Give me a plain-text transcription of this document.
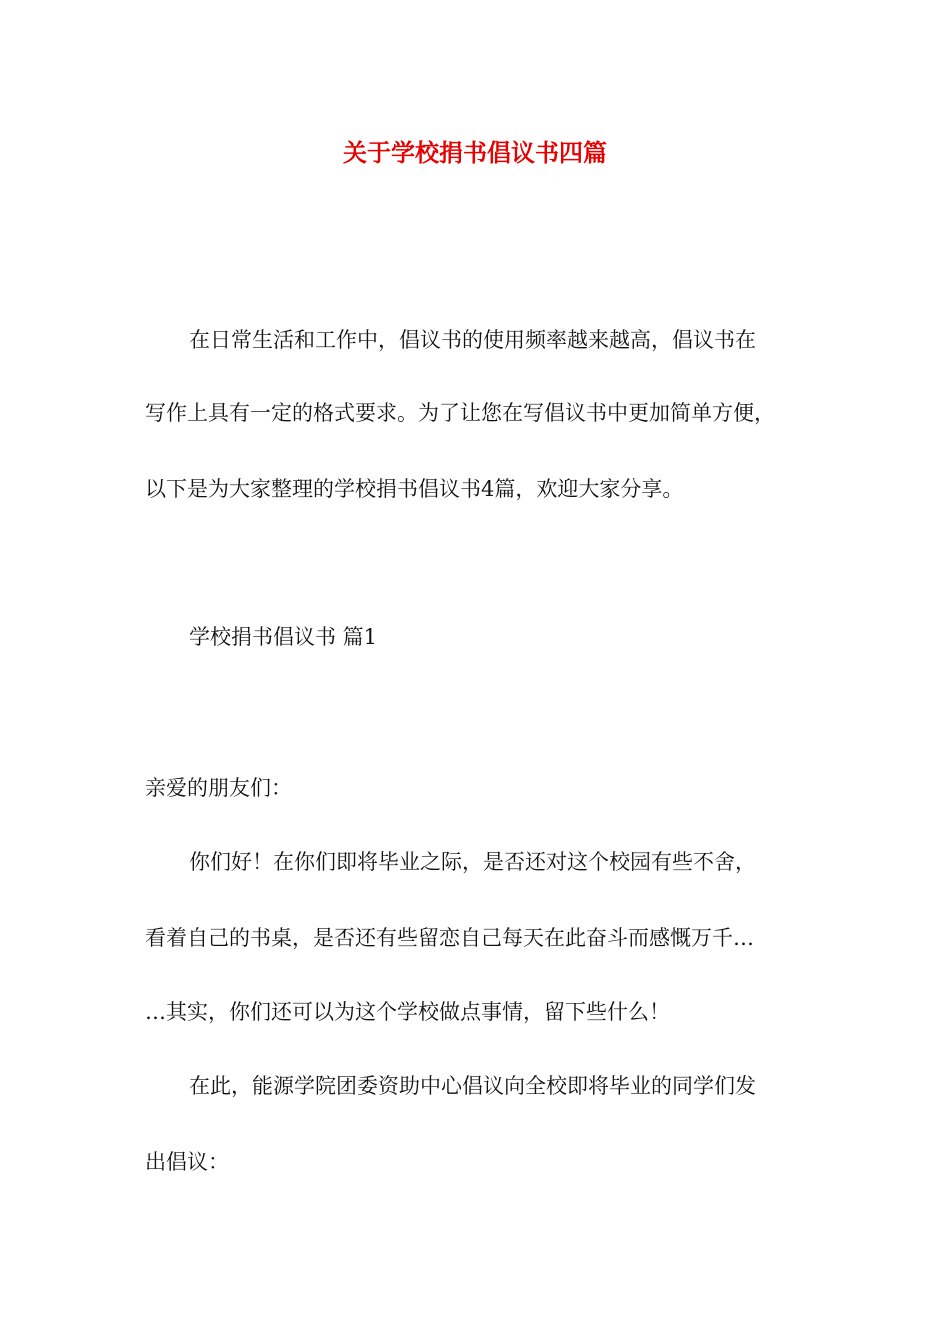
关于学校捐书倡议书四篇

在日常生活和工作中，倡议书的使用频率越来越高，倡议书在

写作上具有一定的格式要求。为了让您在写倡议书中更加简单方便，

以下是为大家整理的学校捐书倡议书4篇，欢迎大家分享。

学校捐书倡议书 篇1

亲爱的朋友们：

你们好！在你们即将毕业之际，是否还对这个校园有些不舍，

看着自己的书桌，是否还有些留恋自己每天在此奋斗而感慨万千…

…其实，你们还可以为这个学校做点事情，留下些什么！

在此，能源学院团委资助中心倡议向全校即将毕业的同学们发

出倡议：
